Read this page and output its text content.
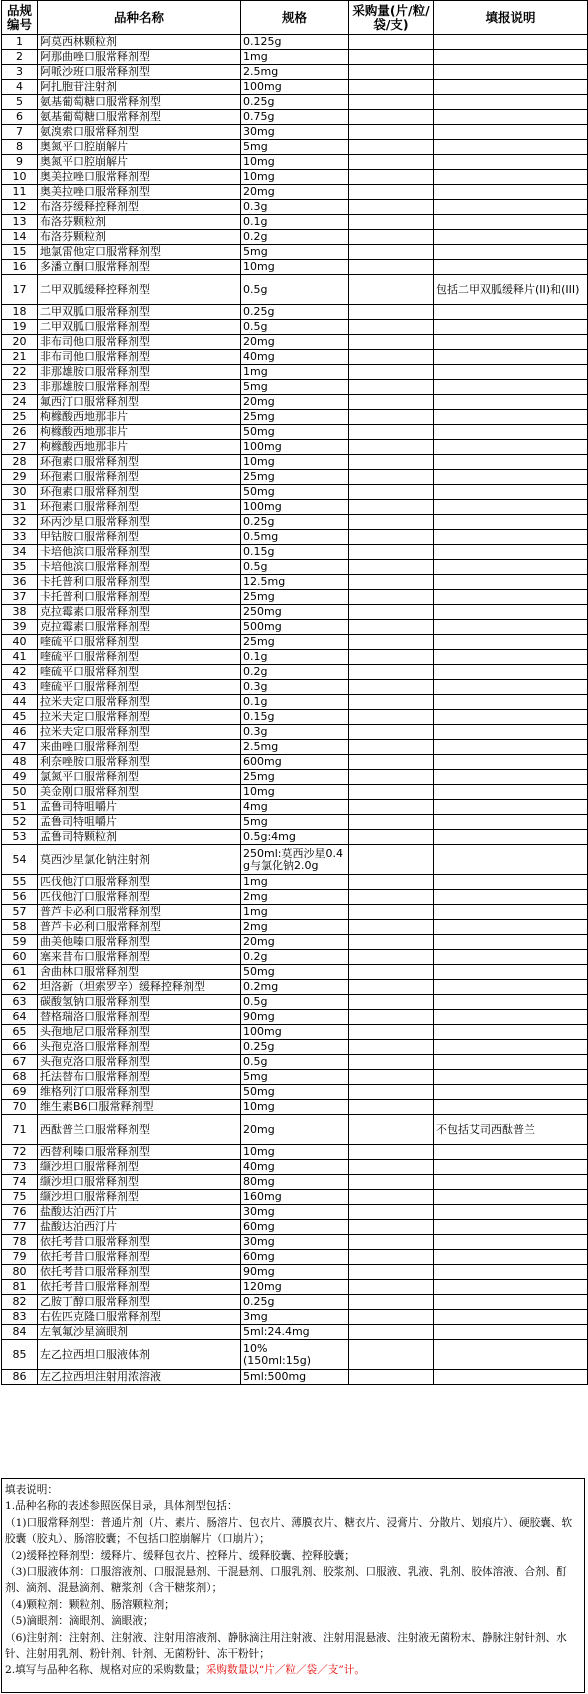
品规编号	品种名称	规格	采购量(片/粒/袋/支)	填报说明
1	阿莫西林颗粒剂	0.125g		
2	阿那曲唑口服常释剂型	1mg		
3	阿哌沙班口服常释剂型	2.5mg		
4	阿扎胞苷注射剂	100mg		
5	氨基葡萄糖口服常释剂型	0.25g		
6	氨基葡萄糖口服常释剂型	0.75g		
7	氨溴索口服常释剂型	30mg		
8	奥氮平口腔崩解片	5mg		
9	奥氮平口腔崩解片	10mg		
10	奥美拉唑口服常释剂型	10mg		
11	奥美拉唑口服常释剂型	20mg		
12	布洛芬缓释控释剂型	0.3g		
13	布洛芬颗粒剂	0.1g		
14	布洛芬颗粒剂	0.2g		
15	地氯雷他定口服常释剂型	5mg		
16	多潘立酮口服常释剂型	10mg		
17	二甲双胍缓释控释剂型	0.5g		包括二甲双胍缓释片(II)和(III)
18	二甲双胍口服常释剂型	0.25g		
19	二甲双胍口服常释剂型	0.5g		
20	非布司他口服常释剂型	20mg		
21	非布司他口服常释剂型	40mg		
22	非那雄胺口服常释剂型	1mg		
23	非那雄胺口服常释剂型	5mg		
24	氟西汀口服常释剂型	20mg		
25	枸橼酸西地那非片	25mg		
26	枸橼酸西地那非片	50mg		
27	枸橼酸西地那非片	100mg		
28	环孢素口服常释剂型	10mg		
29	环孢素口服常释剂型	25mg		
30	环孢素口服常释剂型	50mg		
31	环孢素口服常释剂型	100mg		
32	环丙沙星口服常释剂型	0.25g		
33	甲钴胺口服常释剂型	0.5mg		
34	卡培他滨口服常释剂型	0.15g		
35	卡培他滨口服常释剂型	0.5g		
36	卡托普利口服常释剂型	12.5mg		
37	卡托普利口服常释剂型	25mg		
38	克拉霉素口服常释剂型	250mg		
39	克拉霉素口服常释剂型	500mg		
40	喹硫平口服常释剂型	25mg		
41	喹硫平口服常释剂型	0.1g		
42	喹硫平口服常释剂型	0.2g		
43	喹硫平口服常释剂型	0.3g		
44	拉米夫定口服常释剂型	0.1g		
45	拉米夫定口服常释剂型	0.15g		
46	拉米夫定口服常释剂型	0.3g		
47	来曲唑口服常释剂型	2.5mg		
48	利奈唑胺口服常释剂型	600mg		
49	氯氮平口服常释剂型	25mg		
50	美金刚口服常释剂型	10mg		
51	孟鲁司特咀嚼片	4mg		
52	孟鲁司特咀嚼片	5mg		
53	孟鲁司特颗粒剂	0.5g:4mg		
54	莫西沙星氯化钠注射剂	250ml:莫西沙星0.4g与氯化钠2.0g		
55	匹伐他汀口服常释剂型	1mg		
56	匹伐他汀口服常释剂型	2mg		
57	普芦卡必利口服常释剂型	1mg		
58	普芦卡必利口服常释剂型	2mg		
59	曲美他嗪口服常释剂型	20mg		
60	塞来昔布口服常释剂型	0.2g		
61	舍曲林口服常释剂型	50mg		
62	坦洛新（坦索罗辛）缓释控释剂型	0.2mg		
63	碳酸氢钠口服常释剂型	0.5g		
64	替格瑞洛口服常释剂型	90mg		
65	头孢地尼口服常释剂型	100mg		
66	头孢克洛口服常释剂型	0.25g		
67	头孢克洛口服常释剂型	0.5g		
68	托法替布口服常释剂型	5mg		
69	维格列汀口服常释剂型	50mg		
70	维生素B6口服常释剂型	10mg		
71	西酞普兰口服常释剂型	20mg		不包括艾司西酞普兰
72	西替利嗪口服常释剂型	10mg		
73	缬沙坦口服常释剂型	40mg		
74	缬沙坦口服常释剂型	80mg		
75	缬沙坦口服常释剂型	160mg		
76	盐酸达泊西汀片	30mg		
77	盐酸达泊西汀片	60mg		
78	依托考昔口服常释剂型	30mg		
79	依托考昔口服常释剂型	60mg		
80	依托考昔口服常释剂型	90mg		
81	依托考昔口服常释剂型	120mg		
82	乙胺丁醇口服常释剂型	0.25g		
83	右佐匹克隆口服常释剂型	3mg		
84	左氧氟沙星滴眼剂	5ml:24.4mg		
85	左乙拉西坦口服液体剂	10%
(150ml:15g)		
86	左乙拉西坦注射用浓溶液	5ml:500mg		

填表说明：

1.品种名称的表述参照医保目录，具体剂型包括：

（1)口服常释剂型：普通片剂（片、素片、肠溶片、包衣片、薄膜衣片、糖衣片、浸膏片、分散片、划痕片）、硬胶囊、软胶囊（胶丸）、肠溶胶囊；不包括口腔崩解片（口崩片）；

（2)缓释控释剂型：缓释片、缓释包衣片、控释片、缓释胶囊、控释胶囊；

（3)口服液体剂：口服溶液剂、口服混悬剂、干混悬剂、口服乳剂、胶浆剂、口服液、乳液、乳剂、胶体溶液、合剂、酊剂、滴剂、混悬滴剂、糖浆剂（含干糖浆剂）；

（4)颗粒剂：颗粒剂、肠溶颗粒剂；

（5)滴眼剂：滴眼剂、滴眼液；

（6)注射剂：注射剂、注射液、注射用溶液剂、静脉滴注用注射液、注射用混悬液、注射液无菌粉末、静脉注射针剂、水针、注射用乳剂、粉针剂、针剂、无菌粉针、冻干粉针；

2.填写与品种名称、规格对应的采购数量；采购数量以“片／粒／袋／支”计。
